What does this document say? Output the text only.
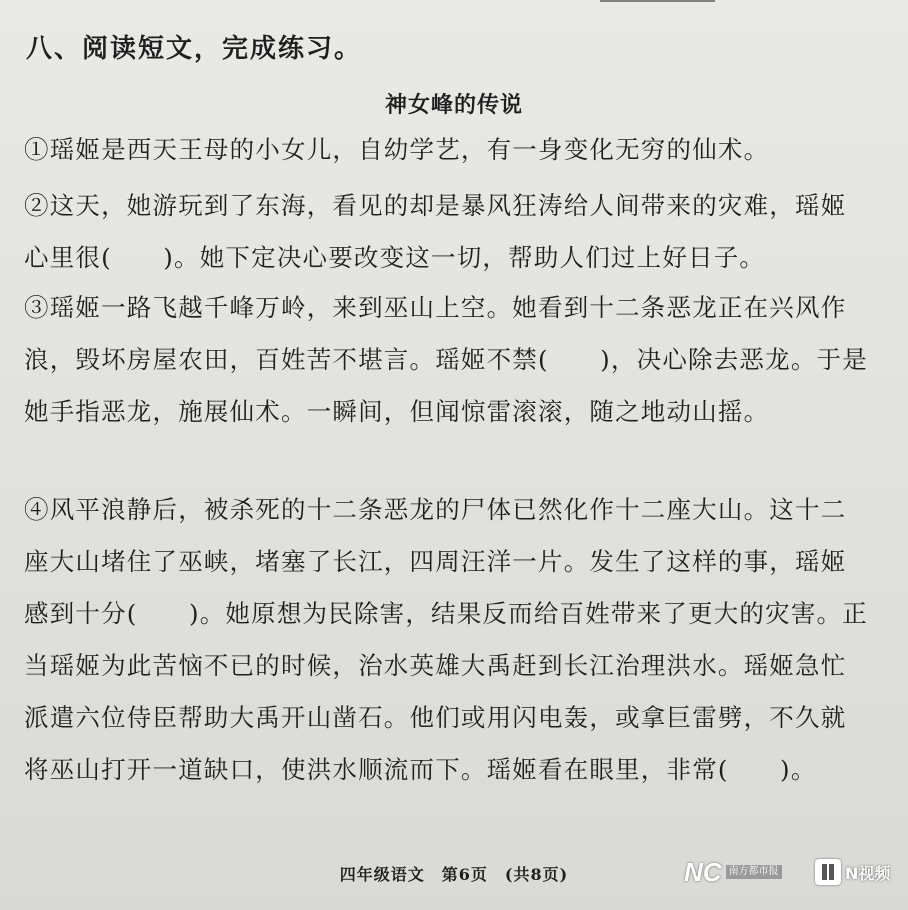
八、阅读短文，完成练习。
神女峰的传说
①瑶姬是西天王母的小女儿，自幼学艺，有一身变化无穷的仙术。
②这天，她游玩到了东海，看见的却是暴风狂涛给人间带来的灾难，瑶姬心里很(　　)。她下定决心要改变这一切，帮助人们过上好日子。
③瑶姬一路飞越千峰万岭，来到巫山上空。她看到十二条恶龙正在兴风作浪，毁坏房屋农田，百姓苦不堪言。瑶姬不禁(　　)，决心除去恶龙。于是她手指恶龙，施展仙术。一瞬间，但闻惊雷滚滚，随之地动山摇。
④风平浪静后，被杀死的十二条恶龙的尸体已然化作十二座大山。这十二座大山堵住了巫峡，堵塞了长江，四周汪洋一片。发生了这样的事，瑶姬感到十分(　　)。她原想为民除害，结果反而给百姓带来了更大的灾害。正当瑶姬为此苦恼不已的时候，治水英雄大禹赶到长江治理洪水。瑶姬急忙派遣六位侍臣帮助大禹开山凿石。他们或用闪电轰，或拿巨雷劈，不久就将巫山打开一道缺口，使洪水顺流而下。瑶姬看在眼里，非常(　　)。
四年级语文　第6页　(共8页)	NC 南方都市报	N视频
